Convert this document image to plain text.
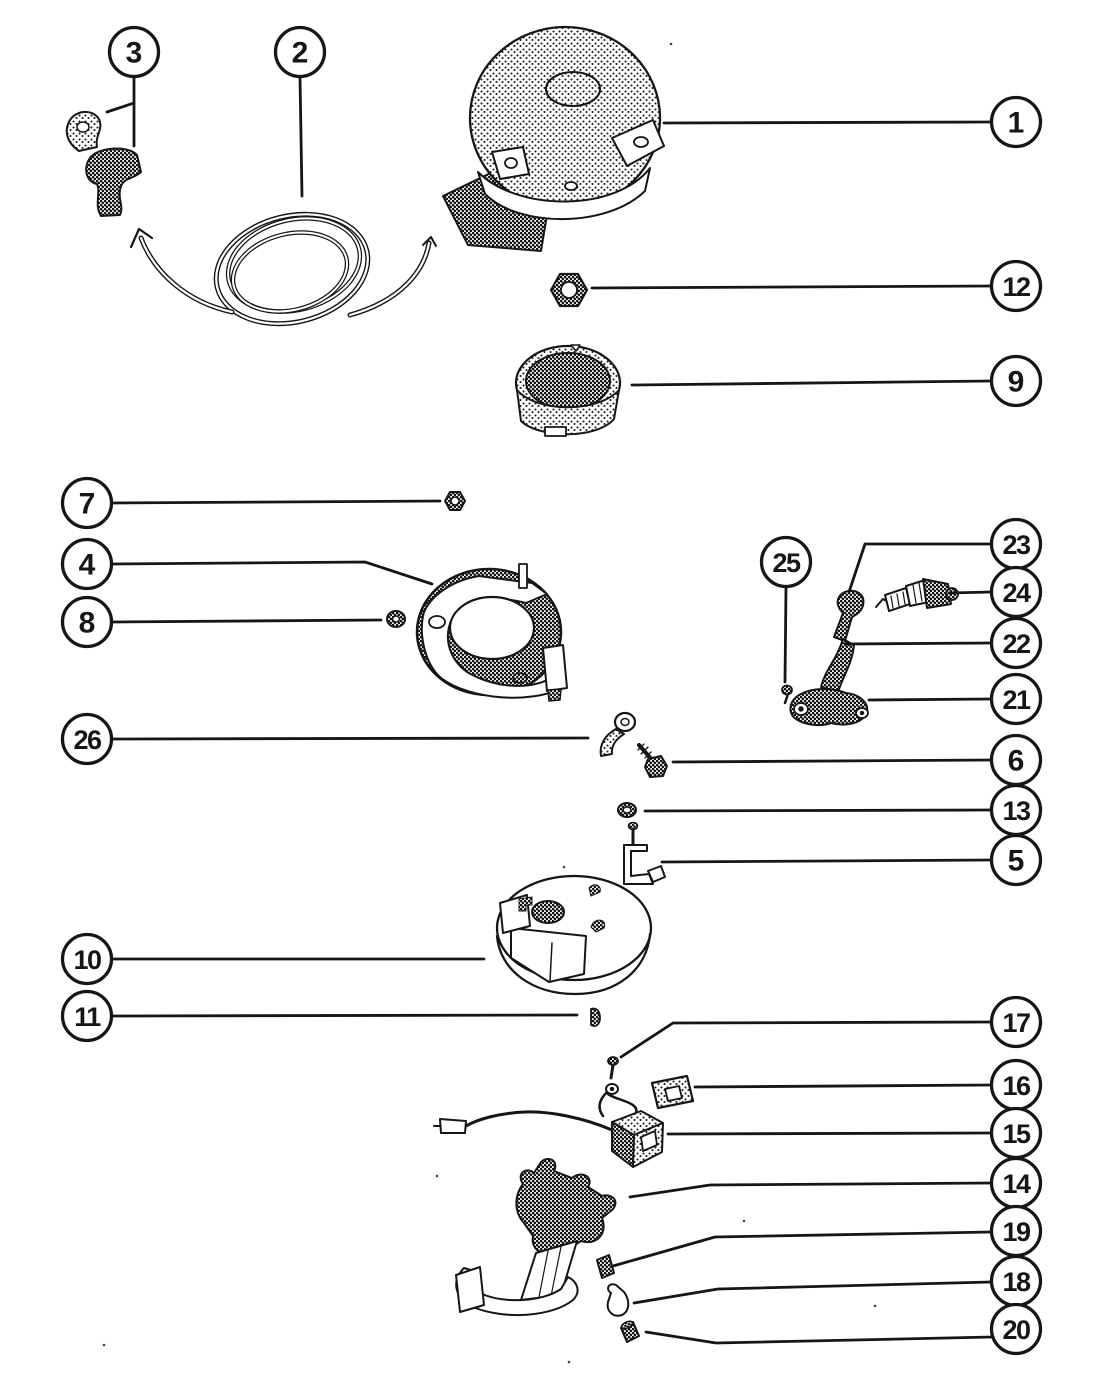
1
12
9
3	2
7
4
8
25
23
24
22
21
26
6
13
5
10
11	17
16
15
14
19
18
20
